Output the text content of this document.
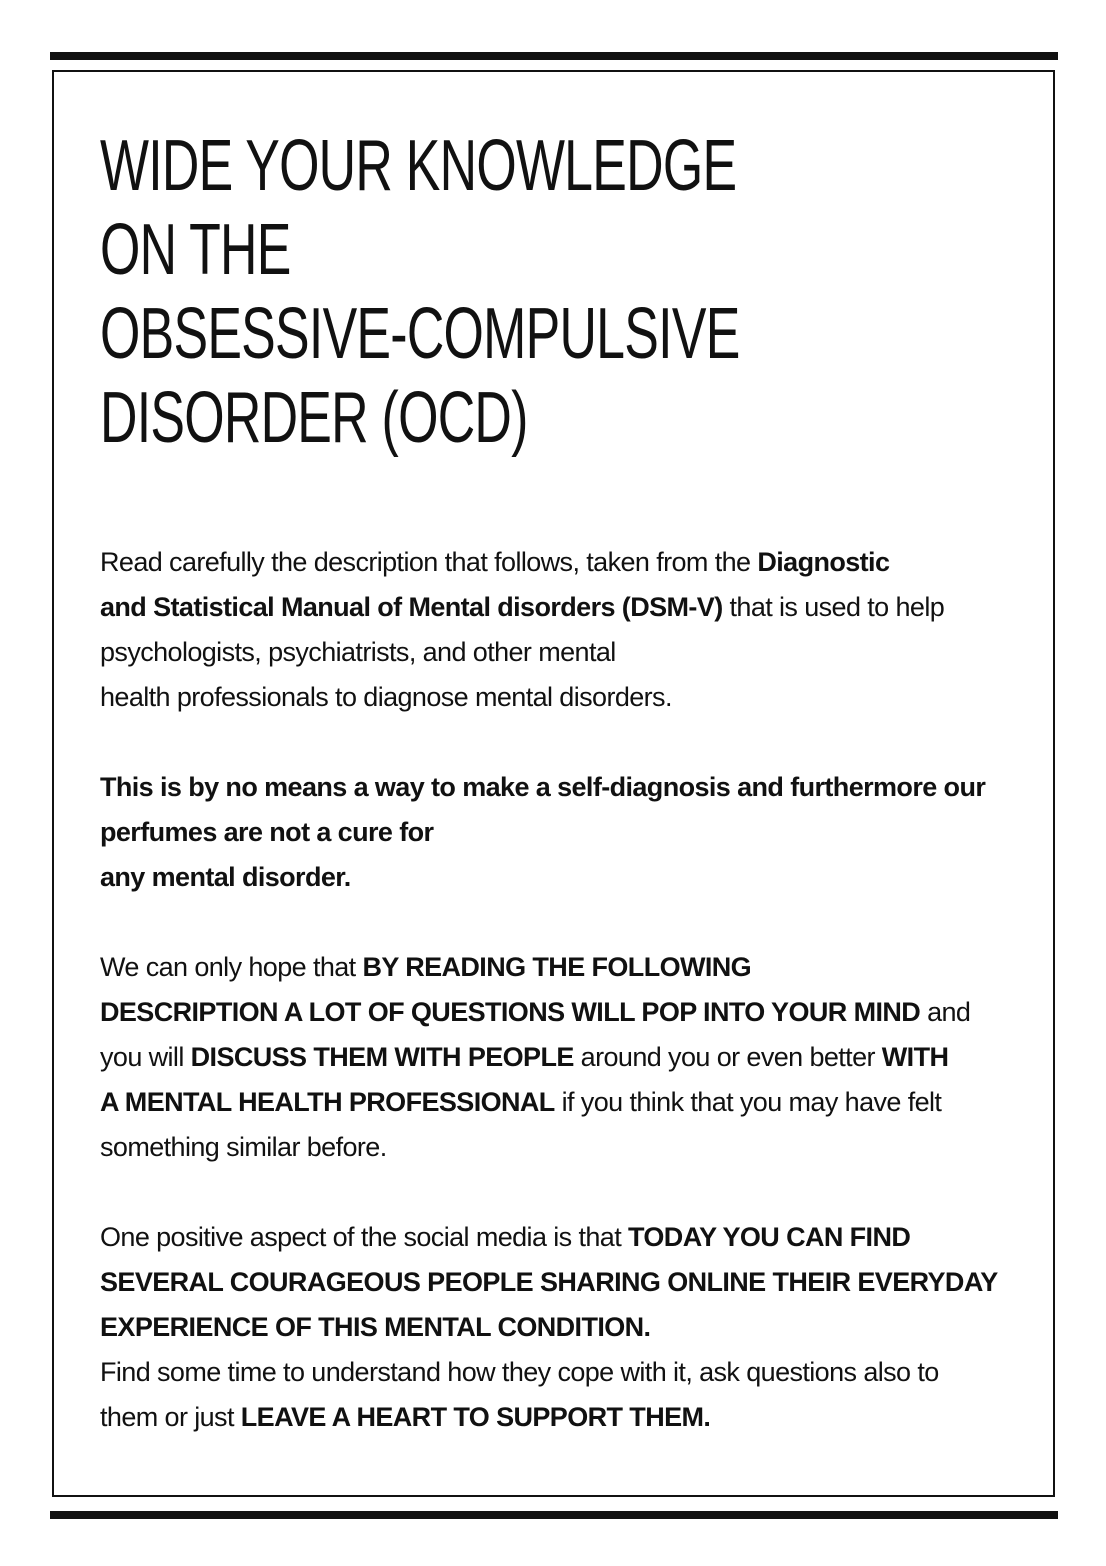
WIDE YOUR KNOWLEDGE
ON THE
OBSESSIVE-COMPULSIVE
DISORDER (OCD)

Read carefully the description that follows, taken from the Diagnostic
and Statistical Manual of Mental disorders (DSM-V) that is used to help
psychologists, psychiatrists, and other mental
health professionals to diagnose mental disorders.

This is by no means a way to make a self-diagnosis and furthermore our
perfumes are not a cure for
any mental disorder.

We can only hope that BY READING THE FOLLOWING
DESCRIPTION A LOT OF QUESTIONS WILL POP INTO YOUR MIND and
you will DISCUSS THEM WITH PEOPLE around you or even better WITH
A MENTAL HEALTH PROFESSIONAL if you think that you may have felt
something similar before.

One positive aspect of the social media is that TODAY YOU CAN FIND
SEVERAL COURAGEOUS PEOPLE SHARING ONLINE THEIR EVERYDAY
EXPERIENCE OF THIS MENTAL CONDITION.

Find some time to understand how they cope with it, ask questions also to
them or just LEAVE A HEART TO SUPPORT THEM.
